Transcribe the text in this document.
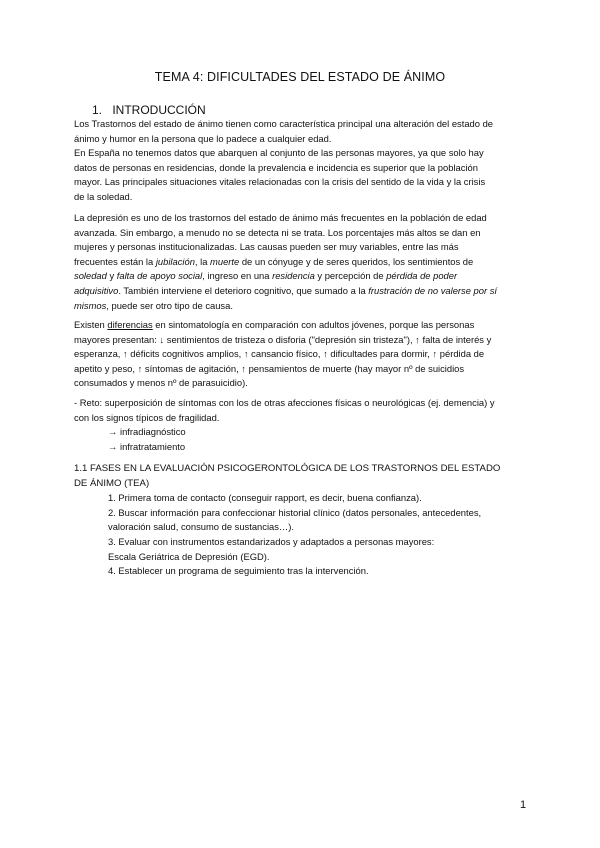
TEMA 4: DIFICULTADES DEL ESTADO DE ÁNIMO
1. INTRODUCCIÓN

Los Trastornos del estado de ánimo tienen como característica principal una alteración del estado de

ánimo y humor en la persona que lo padece a cualquier edad.

En España no tenemos datos que abarquen al conjunto de las personas mayores, ya que solo hay

datos de personas en residencias, donde la prevalencia e incidencia es superior que la población

mayor. Las principales situaciones vitales relacionadas con la crisis del sentido de la vida y la crisis

de la soledad.

La depresión es uno de los trastornos del estado de ánimo más frecuentes en la población de edad

avanzada. Sin embargo, a menudo no se detecta ni se trata. Los porcentajes más altos se dan en

mujeres y personas institucionalizadas. Las causas pueden ser muy variables, entre las más

frecuentes están la jubilación, la muerte de un cónyuge y de seres queridos, los sentimientos de

soledad y falta de apoyo social, ingreso en una residencia y percepción de pérdida de poder

adquisitivo. También interviene el deterioro cognitivo, que sumado a la frustración de no valerse por sí

mismos, puede ser otro tipo de causa.

Existen diferencias en sintomatología en comparación con adultos jóvenes, porque las personas

mayores presentan: ↓ sentimientos de tristeza o disforia ("depresión sin tristeza"), ↑ falta de interés y

esperanza, ↑ déficits cognitivos amplios, ↑ cansancio físico, ↑ dificultades para dormir, ↑ pérdida de

apetito y peso, ↑ síntomas de agitación, ↑ pensamientos de muerte (hay mayor nº de suicidios

consumados y menos nº de parasuicidio).

- Reto: superposición de síntomas con los de otras afecciones físicas o neurológicas (ej. demencia) y

con los signos típicos de fragilidad.

→ infradiagnóstico

→ infratratamiento

1.1 FASES EN LA EVALUACIÓN PSICOGERONTOLÓGICA DE LOS TRASTORNOS DEL ESTADO

DE ÁNIMO (TEA)

1. Primera toma de contacto (conseguir rapport, es decir, buena confianza).

2. Buscar información para confeccionar historial clínico (datos personales, antecedentes,

valoración salud, consumo de sustancias…).

3. Evaluar con instrumentos estandarizados y adaptados a personas mayores:

Escala Geriátrica de Depresión (EGD).

4. Establecer un programa de seguimiento tras la intervención.

1
